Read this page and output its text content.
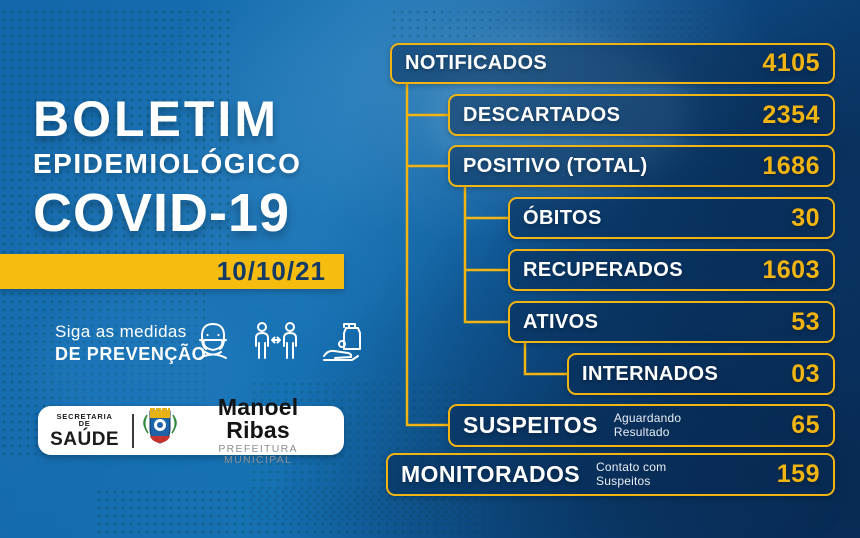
BOLETIM
EPIDEMIOLÓGICO
COVID-19
10/10/21
Siga as medidas
DE PREVENÇÃO
SECRETARIA DE
SAÚDE
Manoel Ribas
PREFEITURA MUNICIPAL
NOTIFICADOS	4105
DESCARTADOS	2354
POSITIVO (TOTAL)	1686
ÓBITOS	30
RECUPERADOS	1603
ATIVOS	53
INTERNADOS	03
SUSPEITOS Aguardando Resultado	65
MONITORADOS Contato com Suspeitos	159
